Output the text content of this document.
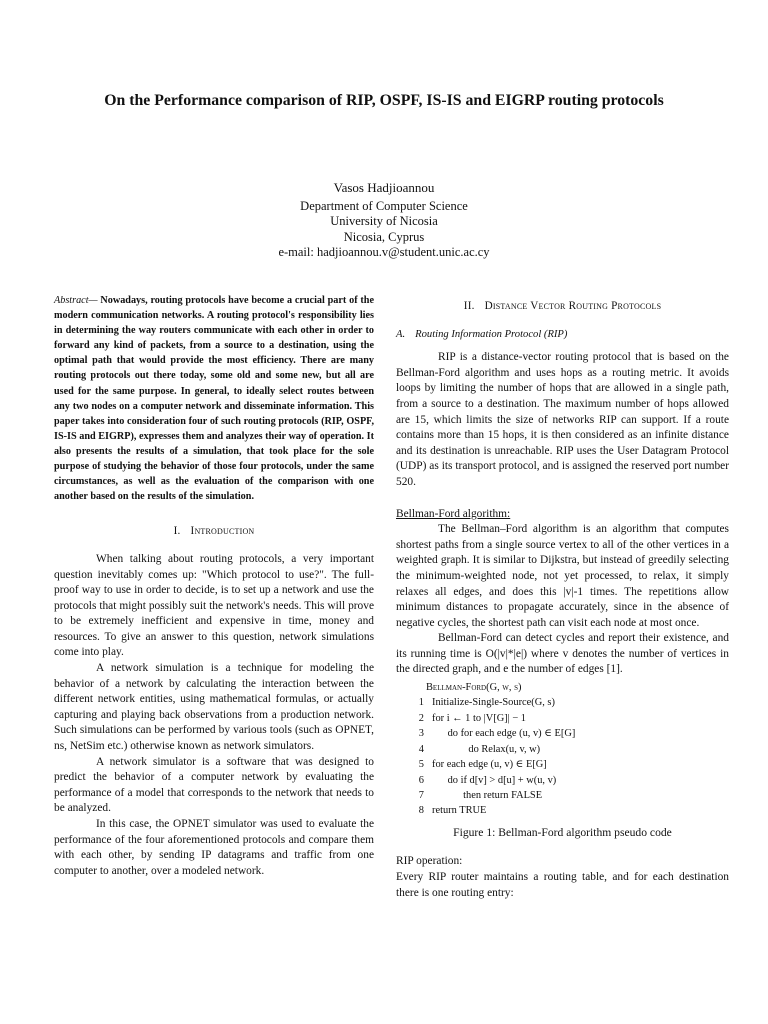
On the Performance comparison of RIP, OSPF, IS-IS and EIGRP routing protocols
Vasos Hadjioannou
Department of Computer Science
University of Nicosia
Nicosia, Cyprus
e-mail: hadjioannou.v@student.unic.ac.cy

Abstract— Nowadays, routing protocols have become a crucial part of the modern communication networks. A routing protocol's responsibility lies in determining the way routers communicate with each other in order to forward any kind of packets, from a source to a destination, using the optimal path that would provide the most efficiency. There are many routing protocols out there today, some old and some new, but all are used for the same purpose. In general, to ideally select routes between any two nodes on a computer network and disseminate information. This paper takes into consideration four of such routing protocols (RIP, OSPF, IS-IS and EIGRP), expresses them and analyzes their way of operation. It also presents the results of a simulation, that took place for the sole purpose of studying the behavior of those four protocols, under the same circumstances, as well as the evaluation of the comparison with one another based on the results of the simulation.

I. Introduction

When talking about routing protocols, a very important question inevitably comes up: "Which protocol to use?". The full-proof way to use in order to decide, is to set up a network and use the protocols that might possibly suit the network's needs. This will prove to be extremely inefficient and expensive in time, money and resources. To give an answer to this question, network simulations come into play.

A network simulation is a technique for modeling the behavior of a network by calculating the interaction between the different network entities, using mathematical formulas, or actually capturing and playing back observations from a production network. Such simulations can be performed by various tools (such as OPNET, ns, NetSim etc.) otherwise known as network simulators.

A network simulator is a software that was designed to predict the behavior of a computer network by evaluating the performance of a model that corresponds to the network that needs to be analyzed.

In this case, the OPNET simulator was used to evaluate the performance of the four aforementioned protocols and compare them with each other, by sending IP datagrams and traffic from one computer to another, over a modeled network.

II. Distance Vector Routing Protocols
A. Routing Information Protocol (RIP)

RIP is a distance-vector routing protocol that is based on the Bellman-Ford algorithm and uses hops as a routing metric. It avoids loops by limiting the number of hops that are allowed in a single path, from a source to a destination. The maximum number of hops allowed are 15, which limits the size of networks RIP can support. If a route contains more than 15 hops, it is then considered as an infinite distance and its destination is unreachable. RIP uses the User Datagram Protocol (UDP) as its transport protocol, and is assigned the reserved port number 520.

Bellman-Ford algorithm:

The Bellman–Ford algorithm is an algorithm that computes shortest paths from a single source vertex to all of the other vertices in a weighted graph. It is similar to Dijkstra, but instead of greedily selecting the minimum-weighted node, not yet processed, to relax, it simply relaxes all edges, and does this |v|-1 times. The repetitions allow minimum distances to propagate accurately, since in the absence of negative cycles, the shortest path can visit each node at most once.

Bellman-Ford can detect cycles and report their existence, and its running time is O(|v|*|e|) where v denotes the number of vertices in the directed graph, and e the number of edges [1].

Bellman-Ford(G, w, s)
1 Initialize-Single-Source(G, s)
2 for i ← 1 to |V[G]| − 1
3 do for each edge (u, v) ∈ E[G]
4 do Relax(u, v, w)
5 for each edge (u, v) ∈ E[G]
6 do if d[v] > d[u] + w(u, v)
7 then return FALSE
8 return TRUE
Figure 1: Bellman-Ford algorithm pseudo code
RIP operation:

Every RIP router maintains a routing table, and for each destination there is one routing entry:
